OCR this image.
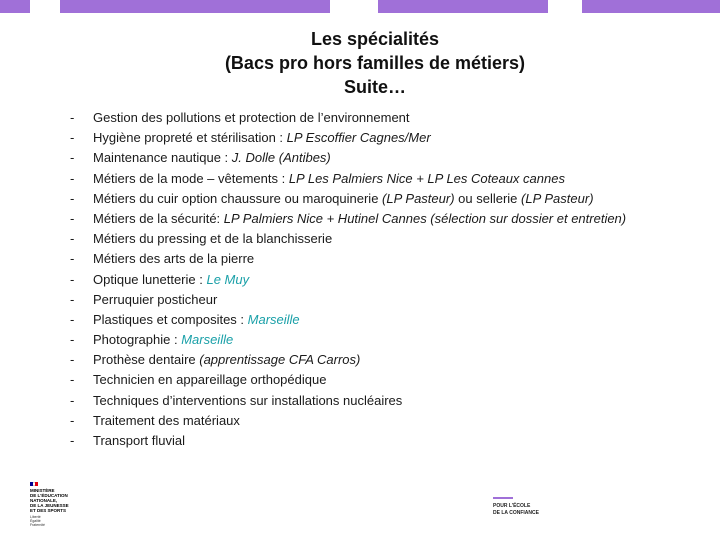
Les spécialités
(Bacs pro hors familles de métiers)
Suite…
-	Gestion des pollutions et protection de l’environnement
-	Hygiène propreté et stérilisation : LP Escoffier Cagnes/Mer
-	Maintenance nautique : J. Dolle (Antibes)
-	Métiers de la mode – vêtements : LP Les Palmiers Nice + LP Les Coteaux cannes
-	Métiers du cuir option chaussure ou maroquinerie (LP Pasteur) ou sellerie (LP Pasteur)
-	Métiers de la sécurité: LP Palmiers Nice + Hutinel Cannes (sélection sur dossier et entretien)
-	Métiers du pressing et de la blanchisserie
-	Métiers des arts de la pierre
-	Optique lunetterie : Le Muy
-	Perruquier posticheur
-	Plastiques et composites : Marseille
-	Photographie : Marseille
-	Prothèse dentaire (apprentissage CFA Carros)
-	Technicien en appareillage orthopédique
-	Techniques d’interventions sur installations nucléaires
-	Traitement des matériaux
-	Transport fluvial
MINISTÈRE
DE L'ÉDUCATION
NATIONALE,
DE LA JEUNESSE
ET DES SPORTS
Liberté
Égalité
Fraternité
POUR L'ÉCOLE
DE LA CONFIANCE
